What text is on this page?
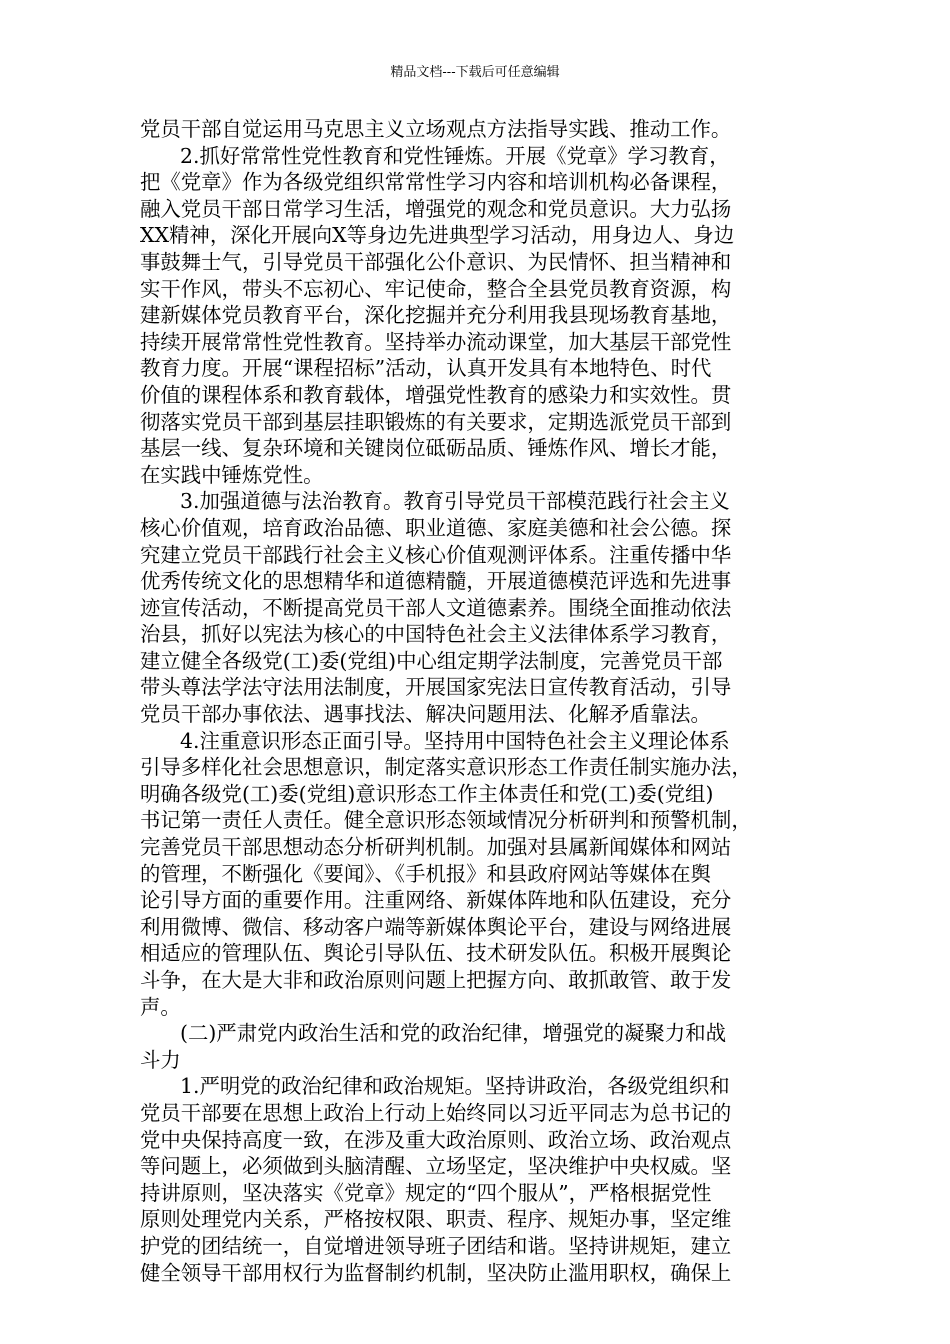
精品文档---下载后可任意编辑
党员干部自觉运用马克思主义立场观点方法指导实践、推动工作。
2.抓好常常性党性教育和党性锤炼。开展《党章》学习教育，
把《党章》作为各级党组织常常性学习内容和培训机构必备课程，
融入党员干部日常学习生活，增强党的观念和党员意识。大力弘扬
XX精神，深化开展向X等身边先进典型学习活动，用身边人、身边
事鼓舞士气，引导党员干部强化公仆意识、为民情怀、担当精神和
实干作风，带头不忘初心、牢记使命，整合全县党员教育资源，构
建新媒体党员教育平台，深化挖掘并充分利用我县现场教育基地，
持续开展常常性党性教育。坚持举办流动课堂，加大基层干部党性
教育力度。开展“课程招标”活动，认真开发具有本地特色、时代
价值的课程体系和教育载体，增强党性教育的感染力和实效性。贯
彻落实党员干部到基层挂职锻炼的有关要求，定期选派党员干部到
基层一线、复杂环境和关键岗位砥砺品质、锤炼作风、增长才能，
在实践中锤炼党性。
3.加强道德与法治教育。教育引导党员干部模范践行社会主义
核心价值观，培育政治品德、职业道德、家庭美德和社会公德。探
究建立党员干部践行社会主义核心价值观测评体系。注重传播中华
优秀传统文化的思想精华和道德精髓，开展道德模范评选和先进事
迹宣传活动，不断提高党员干部人文道德素养。围绕全面推动依法
治县，抓好以宪法为核心的中国特色社会主义法律体系学习教育，
建立健全各级党(工)委(党组)中心组定期学法制度，完善党员干部
带头尊法学法守法用法制度，开展国家宪法日宣传教育活动，引导
党员干部办事依法、遇事找法、解决问题用法、化解矛盾靠法。
4.注重意识形态正面引导。坚持用中国特色社会主义理论体系
引导多样化社会思想意识，制定落实意识形态工作责任制实施办法，
明确各级党(工)委(党组)意识形态工作主体责任和党(工)委(党组)
书记第一责任人责任。健全意识形态领域情况分析研判和预警机制，
完善党员干部思想动态分析研判机制。加强对县属新闻媒体和网站
的管理，不断强化《要闻》、《手机报》和县政府网站等媒体在舆
论引导方面的重要作用。注重网络、新媒体阵地和队伍建设，充分
利用微博、微信、移动客户端等新媒体舆论平台，建设与网络进展
相适应的管理队伍、舆论引导队伍、技术研发队伍。积极开展舆论
斗争，在大是大非和政治原则问题上把握方向、敢抓敢管、敢于发
声。
(二)严肃党内政治生活和党的政治纪律，增强党的凝聚力和战
斗力
1.严明党的政治纪律和政治规矩。坚持讲政治，各级党组织和
党员干部要在思想上政治上行动上始终同以习近平同志为总书记的
党中央保持高度一致，在涉及重大政治原则、政治立场、政治观点
等问题上，必须做到头脑清醒、立场坚定，坚决维护中央权威。坚
持讲原则，坚决落实《党章》规定的“四个服从”，严格根据党性
原则处理党内关系，严格按权限、职责、程序、规矩办事，坚定维
护党的团结统一，自觉增进领导班子团结和谐。坚持讲规矩，建立
健全领导干部用权行为监督制约机制，坚决防止滥用职权，确保上
